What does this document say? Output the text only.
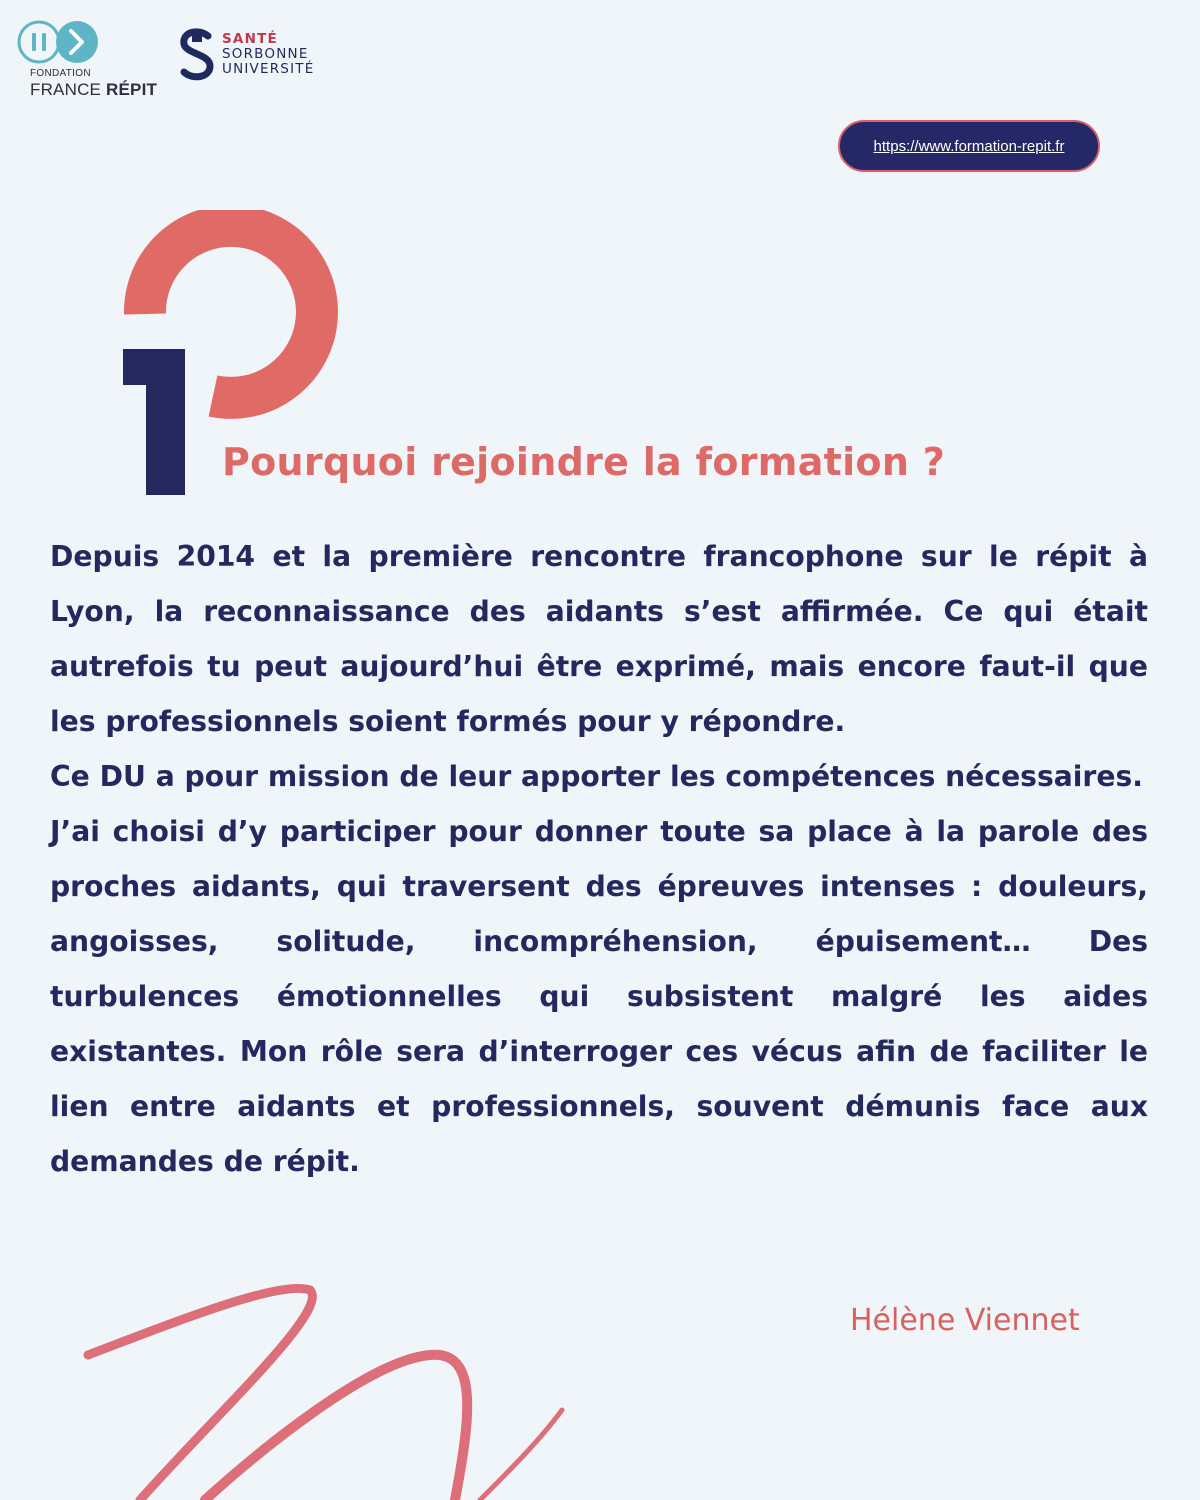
FONDATION
FRANCE RÉPIT
SANTÉ
SORBONNE
UNIVERSITÉ
https://www.formation-repit.fr
Pourquoi rejoindre la formation ?

Depuis 2014 et la première rencontre francophone sur le répit à Lyon, la reconnaissance des aidants s’est affirmée. Ce qui était autrefois tu peut aujourd’hui être exprimé, mais encore faut-il que les professionnels soient formés pour y répondre.

Ce DU a pour mission de leur apporter les compétences nécessaires.

J’ai choisi d’y participer pour donner toute sa place à la parole des proches aidants, qui traversent des épreuves intenses : douleurs, angoisses, solitude, incompréhension, épuisement… Des turbulences émotionnelles qui subsistent malgré les aides existantes. Mon rôle sera d’interroger ces vécus afin de faciliter le lien entre aidants et professionnels, souvent démunis face aux demandes de répit.

Hélène Viennet
